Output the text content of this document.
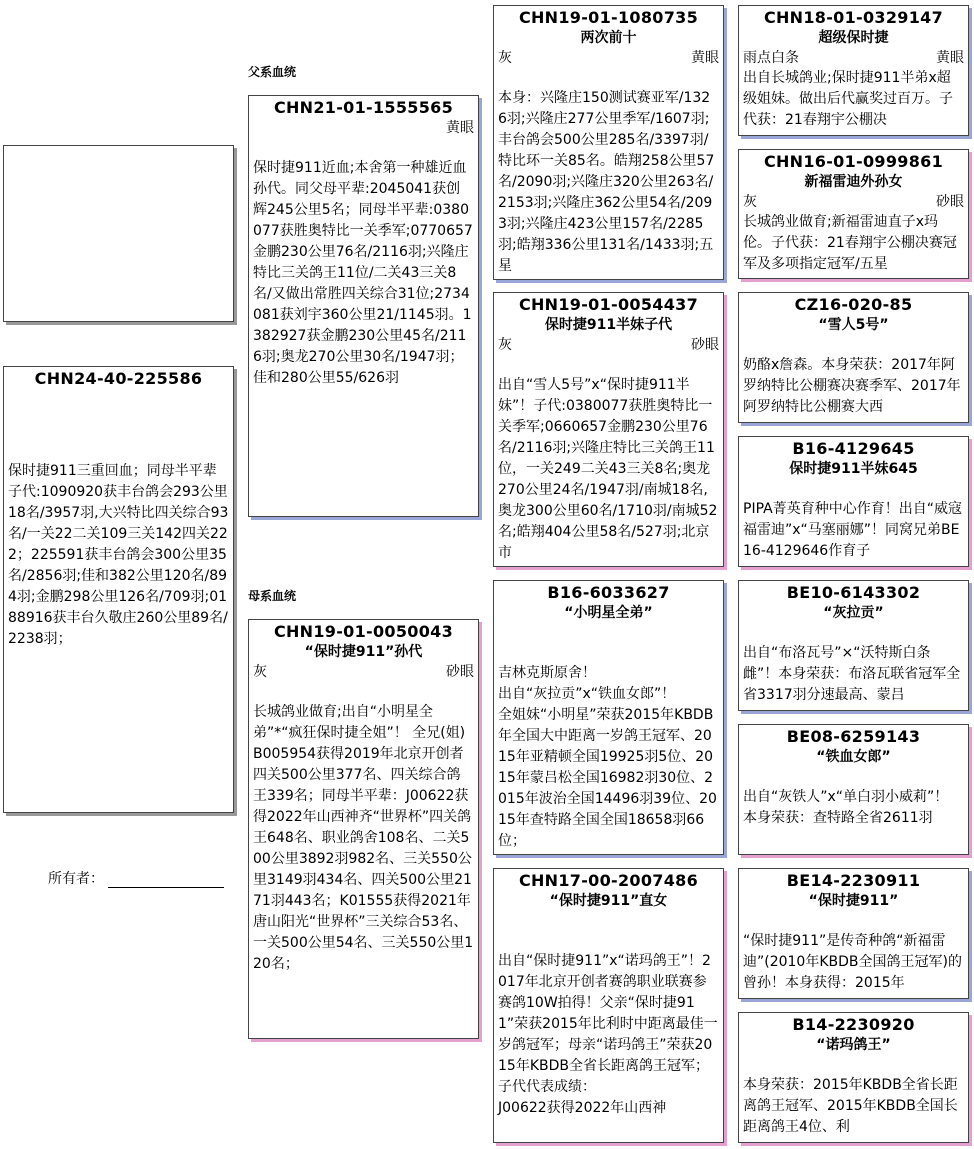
CHN24-40-225586
保时捷911三重回血；同母半平辈子代:1090920获丰台鸽会293公里18名/3957羽,大兴特比四关综合93名/一关22二关109三关142四关222；225591获丰台鸽会300公里35名/2856羽;佳和382公里120名/894羽;金鹏298公里126名/709羽;0188916获丰台久敬庄260公里89名/2238羽；
所有者：
父系血统
母系血统
CHN21-01-1555565
黄眼
保时捷911近血;本舍第一种雄近血孙代。同父母平辈:2045041获创辉245公里5名；同母半平辈:0380077获胜奥特比一关季军;0770657金鹏230公里76名/2116羽;兴隆庄特比三关鸽王11位/二关43三关8名/又做出常胜四关综合31位;2734081获刘宇360公里21/1145羽。1382927获金鹏230公里45名/2116羽;奥龙270公里30名/1947羽；佳和280公里55/626羽
CHN19-01-0050043
“保时捷911”孙代
灰	砂眼
长城鸽业做育;出自“小明星全弟”*“疯狂保时捷全姐”！ 全兄(姐)B005954获得2019年北京开创者四关500公里377名、四关综合鸽王339名；同母半平辈：J00622获得2022年山西神齐“世界杯”四关鸽王648名、职业鸽舍108名、二关500公里3892羽982名、三关550公里3149羽434名、四关500公里2171羽443名；K01555获得2021年唐山阳光“世界杯”三关综合53名、一关500公里54名、三关550公里120名；
CHN19-01-1080735
两次前十
灰	黄眼
本身：兴隆庄150测试赛亚军/1326羽;兴隆庄277公里季军/1607羽;丰台鸽会500公里285名/3397羽/特比环一关85名。皓翔258公里57名/2090羽;兴隆庄320公里263名/2153羽;兴隆庄362公里54名/2093羽;兴隆庄423公里157名/2285羽;皓翔336公里131名/1433羽;五星
CHN19-01-0054437
保时捷911半妹子代
灰	砂眼
出自“雪人5号”x“保时捷911半妹”！子代:0380077获胜奥特比一关季军;0660657金鹏230公里76名/2116羽;兴隆庄特比三关鸽王11位，一关249二关43三关8名;奥龙270公里24名/1947羽/南城18名,奥龙300公里60名/1710羽/南城52名;皓翔404公里58名/527羽;北京市
B16-6033627
“小明星全弟”
吉林克斯原舍！
出自“灰拉贡”x“铁血女郎”！
全姐妹“小明星”荣获2015年KBDB年全国大中距离一岁鸽王冠军、2015年亚精顿全国19925羽5位、2015年蒙吕松全国16982羽30位、2015年波治全国14496羽39位、2015年查特路全国全国18658羽66位；
CHN17-00-2007486
“保时捷911”直女
出自“保时捷911”x“诺玛鸽王”！2017年北京开创者赛鸽职业联赛参赛鸽10W拍得！父亲“保时捷911”荣获2015年比利时中距离最佳一岁鸽冠军；母亲“诺玛鸽王”荣获2015年KBDB全省长距离鸽王冠军；
子代代表成绩：
J00622获得2022年山西神
CHN18-01-0329147
超级保时捷
雨点白条	黄眼
出自长城鸽业;保时捷911半弟x超级姐妹。做出后代赢奖过百万。子代获：21春翔宇公棚决
CHN16-01-0999861
新福雷迪外孙女
灰	砂眼
长城鸽业做育;新福雷迪直子x玛伦。子代获：21春翔宇公棚决赛冠军及多项指定冠军/五星
CZ16-020-85
“雪人5号”
奶酪x詹森。本身荣获：2017年阿罗纳特比公棚赛决赛季军、2017年阿罗纳特比公棚赛大西
B16-4129645
保时捷911半妹645
PIPA菁英育种中心作育！出自“威寇福雷迪”x“马塞丽娜”！同窝兄弟BE16-4129646作育子
BE10-6143302
“灰拉贡”
出自“布洛瓦号”×“沃特斯白条雌”！本身荣获：布洛瓦联省冠军全省3317羽分速最高、蒙吕
BE08-6259143
“铁血女郎”
出自“灰铁人”x“单白羽小威莉”！
本身荣获：查特路全省2611羽
BE14-2230911
“保时捷911”
“保时捷911”是传奇种鸽“新福雷迪”(2010年KBDB全国鸽王冠军)的曾孙！本身获得：2015年
B14-2230920
“诺玛鸽王”
本身荣获：2015年KBDB全省长距离鸽王冠军、2015年KBDB全国长距离鸽王4位、利
